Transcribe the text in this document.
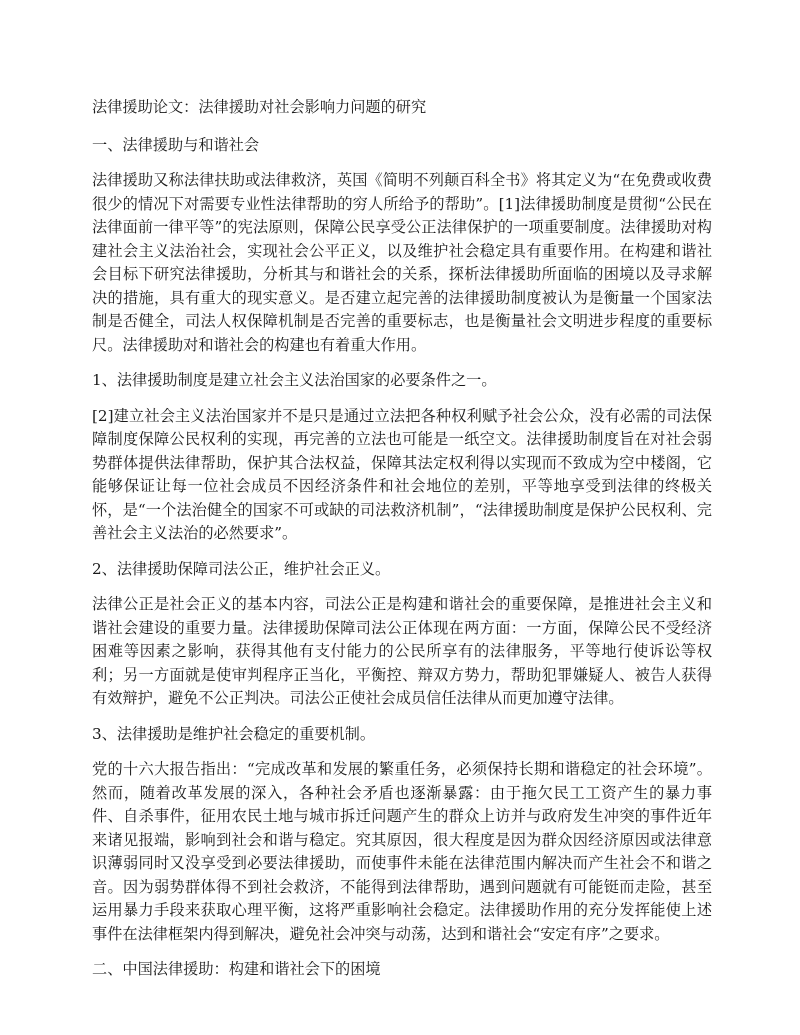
法律援助论文：法律援助对社会影响力问题的研究

一、法律援助与和谐社会

法律援助又称法律扶助或法律救济，英国《简明不列颠百科全书》将其定义为“在免费或收费很少的情况下对需要专业性法律帮助的穷人所给予的帮助”。[1]法律援助制度是贯彻“公民在法律面前一律平等”的宪法原则，保障公民享受公正法律保护的一项重要制度。法律援助对构建社会主义法治社会，实现社会公平正义，以及维护社会稳定具有重要作用。在构建和谐社会目标下研究法律援助，分析其与和谐社会的关系，探析法律援助所面临的困境以及寻求解决的措施，具有重大的现实意义。是否建立起完善的法律援助制度被认为是衡量一个国家法制是否健全，司法人权保障机制是否完善的重要标志，也是衡量社会文明进步程度的重要标尺。法律援助对和谐社会的构建也有着重大作用。

1、法律援助制度是建立社会主义法治国家的必要条件之一。

[2]建立社会主义法治国家并不是只是通过立法把各种权利赋予社会公众，没有必需的司法保障制度保障公民权利的实现，再完善的立法也可能是一纸空文。法律援助制度旨在对社会弱势群体提供法律帮助，保护其合法权益，保障其法定权利得以实现而不致成为空中楼阁，它能够保证让每一位社会成员不因经济条件和社会地位的差别，平等地享受到法律的终极关怀，是“一个法治健全的国家不可或缺的司法救济机制”，“法律援助制度是保护公民权利、完善社会主义法治的必然要求”。

2、法律援助保障司法公正，维护社会正义。

法律公正是社会正义的基本内容，司法公正是构建和谐社会的重要保障，是推进社会主义和谐社会建设的重要力量。法律援助保障司法公正体现在两方面：一方面，保障公民不受经济困难等因素之影响，获得其他有支付能力的公民所享有的法律服务，平等地行使诉讼等权利；另一方面就是使审判程序正当化，平衡控、辩双方势力，帮助犯罪嫌疑人、被告人获得有效辩护，避免不公正判决。司法公正使社会成员信任法律从而更加遵守法律。

3、法律援助是维护社会稳定的重要机制。

党的十六大报告指出：“完成改革和发展的繁重任务，必须保持长期和谐稳定的社会环境”。然而，随着改革发展的深入，各种社会矛盾也逐渐暴露：由于拖欠民工工资产生的暴力事件、自杀事件，征用农民土地与城市拆迁问题产生的群众上访并与政府发生冲突的事件近年来诸见报端，影响到社会和谐与稳定。究其原因，很大程度是因为群众因经济原因或法律意识薄弱同时又没享受到必要法律援助，而使事件未能在法律范围内解决而产生社会不和谐之音。因为弱势群体得不到社会救济，不能得到法律帮助，遇到问题就有可能铤而走险，甚至运用暴力手段来获取心理平衡，这将严重影响社会稳定。法律援助作用的充分发挥能使上述事件在法律框架内得到解决，避免社会冲突与动荡，达到和谐社会“安定有序”之要求。

二、中国法律援助：构建和谐社会下的困境
